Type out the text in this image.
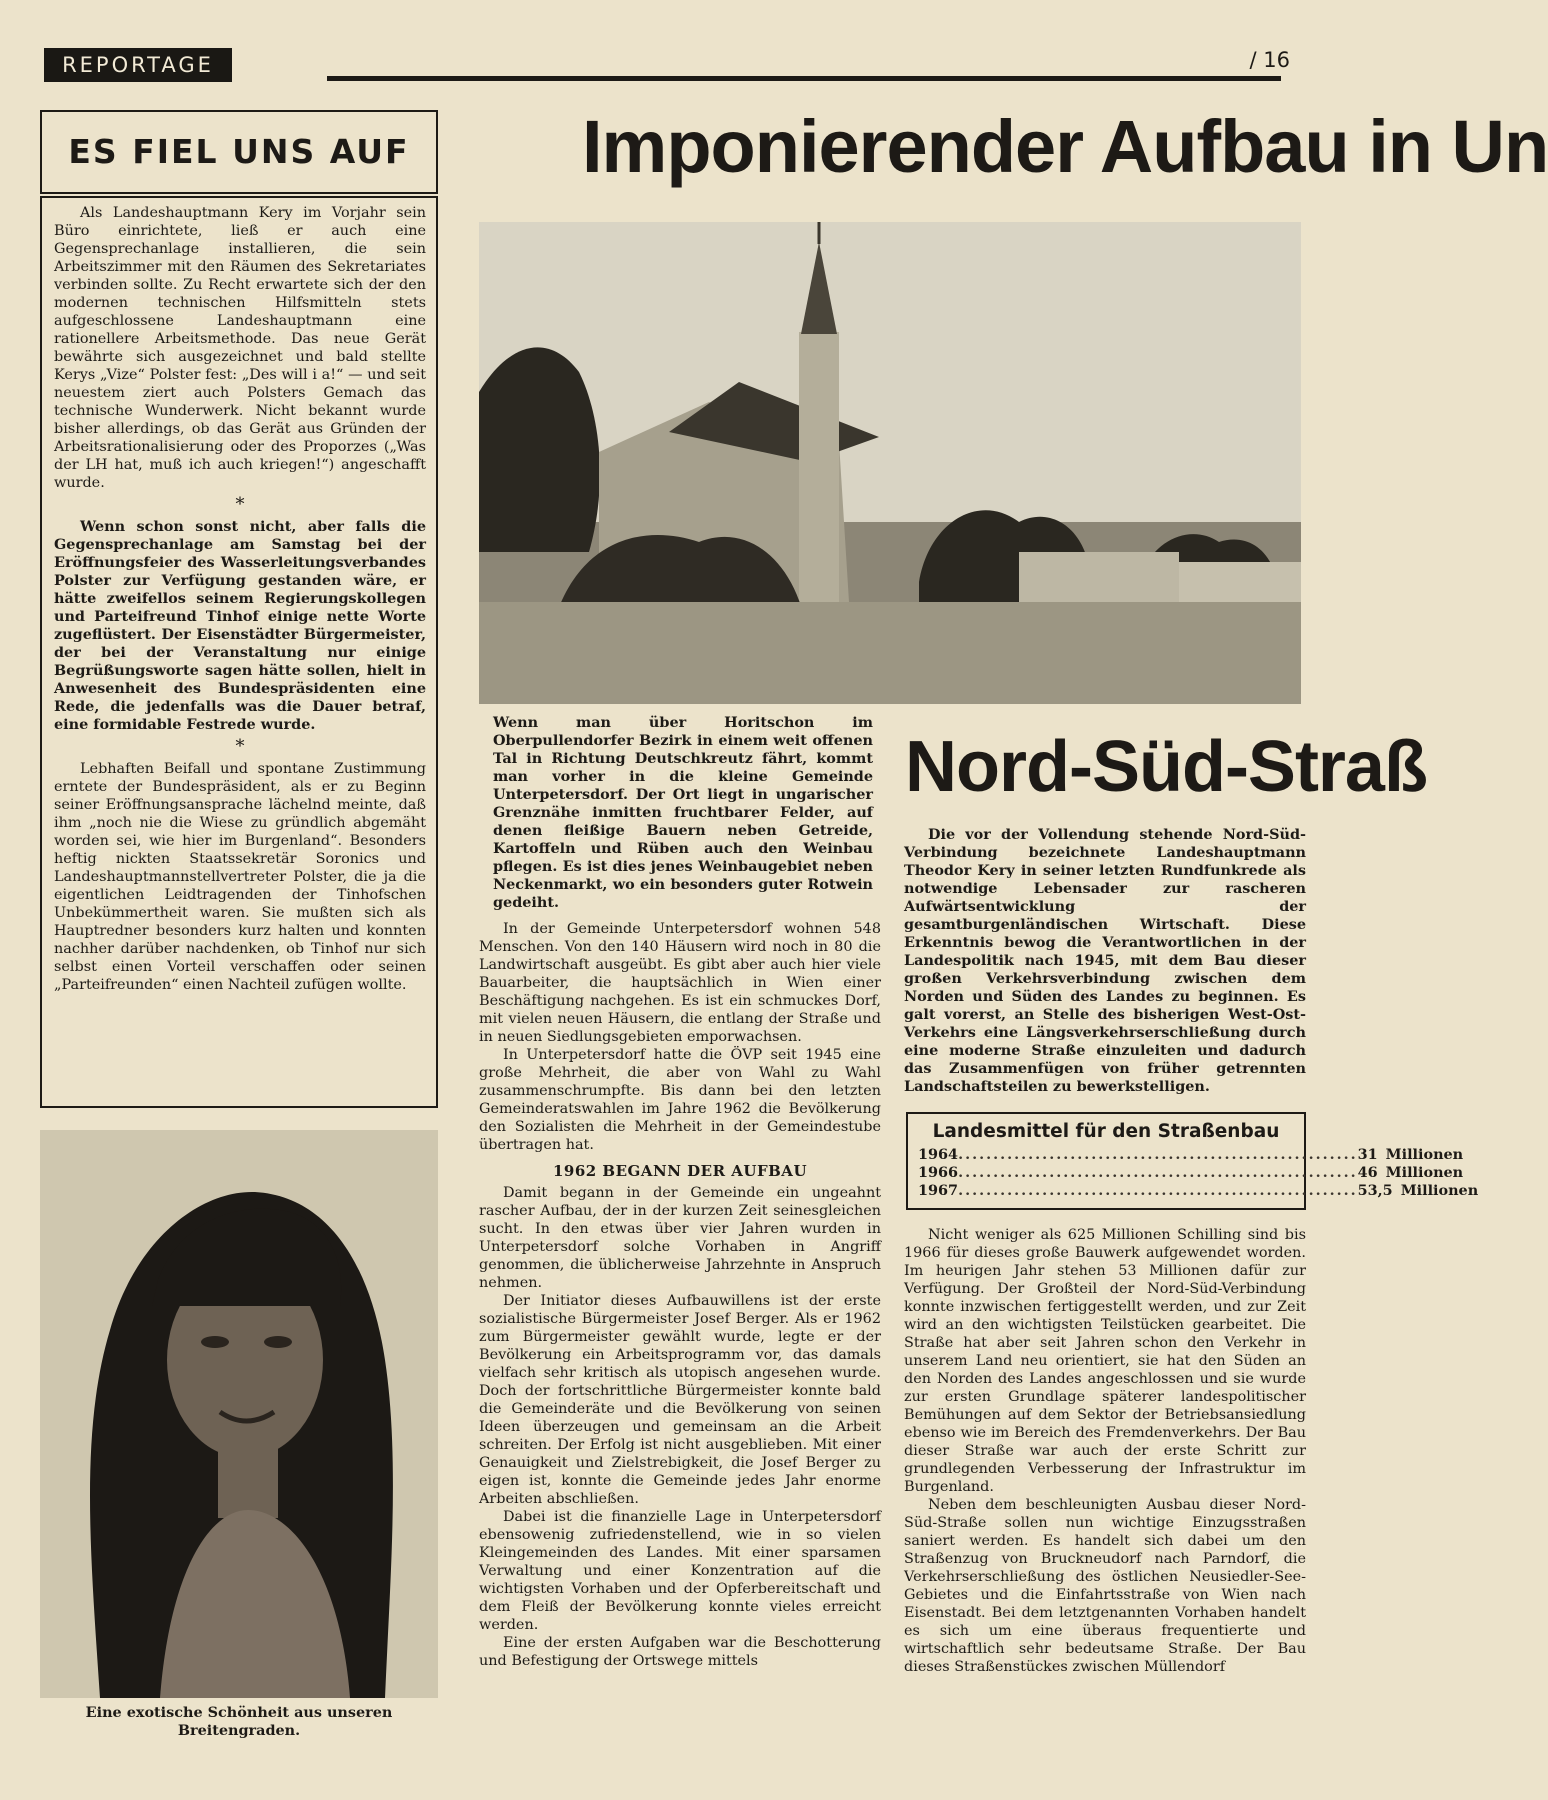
REPORTAGE	/ 16
ES FIEL UNS AUF

Als Landeshauptmann Kery im Vorjahr sein Büro einrichtete, ließ er auch eine Gegensprechanlage installieren, die sein Arbeitszimmer mit den Räumen des Sekretariates verbinden sollte. Zu Recht erwartete sich der den modernen technischen Hilfsmitteln stets aufgeschlossene Landeshauptmann eine rationellere Arbeitsmethode. Das neue Gerät bewährte sich ausgezeichnet und bald stellte Kerys „Vize“ Polster fest: „Des will i a!“ — und seit neuestem ziert auch Polsters Gemach das technische Wunderwerk. Nicht bekannt wurde bisher allerdings, ob das Gerät aus Gründen der Arbeitsrationalisierung oder des Proporzes („Was der LH hat, muß ich auch kriegen!“) angeschafft wurde.

*

Wenn schon sonst nicht, aber falls die Gegensprechanlage am Samstag bei der Eröffnungsfeier des Wasserleitungsverbandes Polster zur Verfügung gestanden wäre, er hätte zweifellos seinem Regierungskollegen und Parteifreund Tinhof einige nette Worte zugeflüstert. Der Eisenstädter Bürgermeister, der bei der Veranstaltung nur einige Begrüßungsworte sagen hätte sollen, hielt in Anwesenheit des Bundespräsidenten eine Rede, die jedenfalls was die Dauer betraf, eine formidable Festrede wurde.

*

Lebhaften Beifall und spontane Zustimmung erntete der Bundespräsident, als er zu Beginn seiner Eröffnungsansprache lächelnd meinte, daß ihm „noch nie die Wiese zu gründlich abgemäht worden sei, wie hier im Burgenland“. Besonders heftig nickten Staatssekretär Soronics und Landeshauptmannstellvertreter Polster, die ja die eigentlichen Leidtragenden der Tinhofschen Unbekümmertheit waren. Sie mußten sich als Hauptredner besonders kurz halten und konnten nachher darüber nachdenken, ob Tinhof nur sich selbst einen Vorteil verschaffen oder seinen „Parteifreunden“ einen Nachteil zufügen wollte.

Eine exotische Schönheit aus unseren Breitengraden.
Imponierender Aufbau in Un

Wenn man über Horitschon im Oberpullendorfer Bezirk in einem weit offenen Tal in Richtung Deutschkreutz fährt, kommt man vorher in die kleine Gemeinde Unterpetersdorf. Der Ort liegt in ungarischer Grenznähe inmitten fruchtbarer Felder, auf denen fleißige Bauern neben Getreide, Kartoffeln und Rüben auch den Weinbau pflegen. Es ist dies jenes Weinbaugebiet neben Neckenmarkt, wo ein besonders guter Rotwein gedeiht.

In der Gemeinde Unterpetersdorf wohnen 548 Menschen. Von den 140 Häusern wird noch in 80 die Landwirtschaft ausgeübt. Es gibt aber auch hier viele Bauarbeiter, die hauptsächlich in Wien einer Beschäftigung nachgehen. Es ist ein schmuckes Dorf, mit vielen neuen Häusern, die entlang der Straße und in neuen Siedlungsgebieten emporwachsen.

In Unterpetersdorf hatte die ÖVP seit 1945 eine große Mehrheit, die aber von Wahl zu Wahl zusammenschrumpfte. Bis dann bei den letzten Gemeinderatswahlen im Jahre 1962 die Bevölkerung den Sozialisten die Mehrheit in der Gemeindestube übertragen hat.

1962 BEGANN DER AUFBAU

Damit begann in der Gemeinde ein ungeahnt rascher Aufbau, der in der kurzen Zeit seinesgleichen sucht. In den etwas über vier Jahren wurden in Unterpetersdorf solche Vorhaben in Angriff genommen, die üblicherweise Jahrzehnte in Anspruch nehmen.

Der Initiator dieses Aufbauwillens ist der erste sozialistische Bürgermeister Josef Berger. Als er 1962 zum Bürgermeister gewählt wurde, legte er der Bevölkerung ein Arbeitsprogramm vor, das damals vielfach sehr kritisch als utopisch angesehen wurde. Doch der fortschrittliche Bürgermeister konnte bald die Gemeinderäte und die Bevölkerung von seinen Ideen überzeugen und gemeinsam an die Arbeit schreiten. Der Erfolg ist nicht ausgeblieben. Mit einer Genauigkeit und Zielstrebigkeit, die Josef Berger zu eigen ist, konnte die Gemeinde jedes Jahr enorme Arbeiten abschließen.

Dabei ist die finanzielle Lage in Unterpetersdorf ebensowenig zufriedenstellend, wie in so vielen Kleingemeinden des Landes. Mit einer sparsamen Verwaltung und einer Konzentration auf die wichtigsten Vorhaben und der Opferbereitschaft und dem Fleiß der Bevölkerung konnte vieles erreicht werden.

Eine der ersten Aufgaben war die Beschotterung und Befestigung der Ortswege mittels

Nord-Süd-Straß

Die vor der Vollendung stehende Nord-Süd-Verbindung bezeichnete Landeshauptmann Theodor Kery in seiner letzten Rundfunkrede als notwendige Lebensader zur rascheren Aufwärtsentwicklung der gesamtburgenländischen Wirtschaft. Diese Erkenntnis bewog die Verantwortlichen in der Landespolitik nach 1945, mit dem Bau dieser großen Verkehrsverbindung zwischen dem Norden und Süden des Landes zu beginnen. Es galt vorerst, an Stelle des bisherigen West-Ost-Verkehrs eine Längsverkehrserschließung durch eine moderne Straße einzuleiten und dadurch das Zusammenfügen von früher getrennten Landschaftsteilen zu bewerkstelligen.

Landesmittel für den Straßenbau
1964 ......................................................... 31 Millionen
1966 ......................................................... 46 Millionen
1967 ......................................................... 53,5 Millionen

Nicht weniger als 625 Millionen Schilling sind bis 1966 für dieses große Bauwerk aufgewendet worden. Im heurigen Jahr stehen 53 Millionen dafür zur Verfügung. Der Großteil der Nord-Süd-Verbindung konnte inzwischen fertiggestellt werden, und zur Zeit wird an den wichtigsten Teilstücken gearbeitet. Die Straße hat aber seit Jahren schon den Verkehr in unserem Land neu orientiert, sie hat den Süden an den Norden des Landes angeschlossen und sie wurde zur ersten Grundlage späterer landespolitischer Bemühungen auf dem Sektor der Betriebsansiedlung ebenso wie im Bereich des Fremdenverkehrs. Der Bau dieser Straße war auch der erste Schritt zur grundlegenden Verbesserung der Infrastruktur im Burgenland.

Neben dem beschleunigten Ausbau dieser Nord-Süd-Straße sollen nun wichtige Einzugsstraßen saniert werden. Es handelt sich dabei um den Straßenzug von Bruckneudorf nach Parndorf, die Verkehrserschließung des östlichen Neusiedler-See-Gebietes und die Einfahrtsstraße von Wien nach Eisenstadt. Bei dem letztgenannten Vorhaben handelt es sich um eine überaus frequentierte und wirtschaftlich sehr bedeutsame Straße. Der Bau dieses Straßenstückes zwischen Müllendorf
